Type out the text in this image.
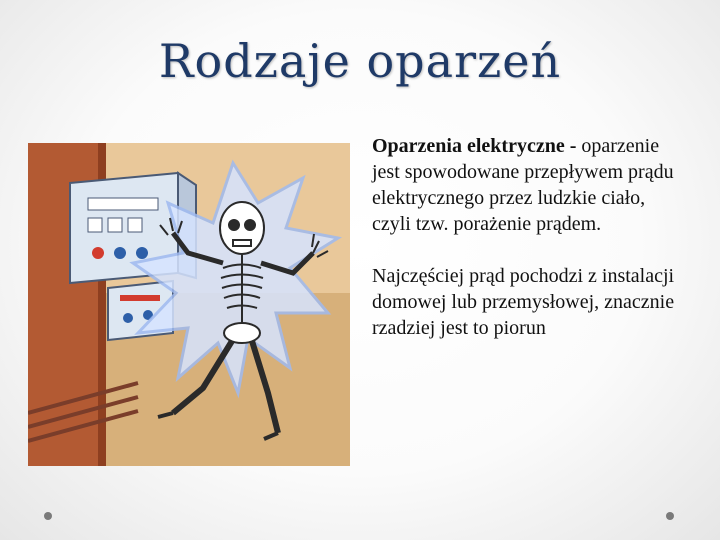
Rodzaje oparzeń

Oparzenia elektryczne - oparzenie jest spowodowane przepływem prądu elektrycznego przez ludzkie ciało, czyli tzw. porażenie prądem.

Najczęściej prąd pochodzi z instalacji domowej lub przemysłowej, znacznie rzadziej jest to piorun
